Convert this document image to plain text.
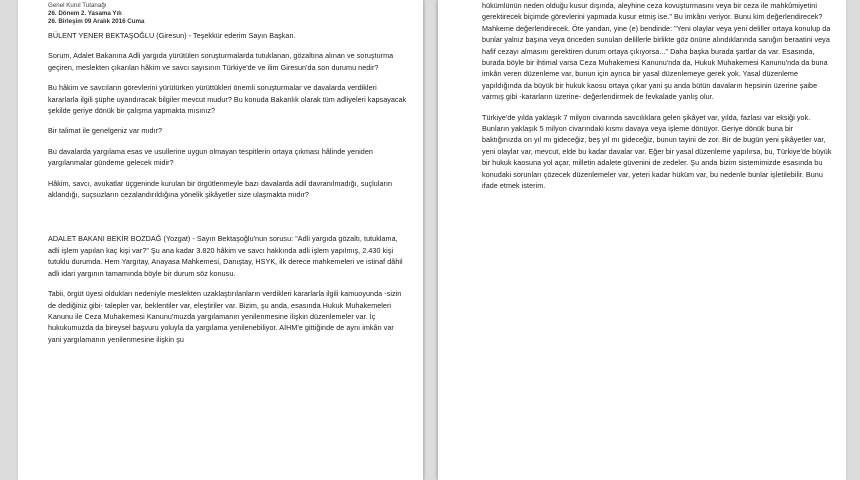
Genel Kurul Tutanağı
26. Dönem 2. Yasama Yılı
26. Birleşim 09 Aralık 2016 Cuma

BÜLENT YENER BEKTAŞOĞLU (Giresun) - Teşekkür ederim Sayın Başkan.

Sorum, Adalet Bakanına Adli yargıda yürütülen soruşturmalarda tutuklanan, gözaltına alınan ve soruşturma geçiren, meslekten çıkarılan hâkim ve savcı sayısının Türkiye'de ve ilim Giresun'da son durumu nedir?

Bu hâkim ve savcıların görevlerini yürütürken yürüttükleri önemli soruşturmalar ve davalarda verdikleri kararlarla ilgili şüphe uyandıracak bilgiler mevcut mudur? Bu konuda Bakanlık olarak tüm adliyeleri kapsayacak şekilde geriye dönük bir çalışma yapmakta mısınız?

Bir talimat ile genelgeniz var mıdır?

Bu davalarda yargılama esas ve usullerine uygun olmayan tespitlerin ortaya çıkması hâlinde yeniden yargılanmalar gündeme gelecek midir?

Hâkim, savcı, avukatlar üçgeninde kurulan bir örgütlenmeyle bazı davalarda adil davranılmadığı, suçluların aklandığı, suçsuzların cezalandırıldığına yönelik şikâyetler size ulaşmakta mıdır?

ADALET BAKANI BEKİR BOZDAĞ (Yozgat) - Sayın Bektaşoğlu'nun sorusu: "Adli yargıda gözaltı, tutuklama, adli işlem yapılan kaç kişi var?" Şu ana kadar 3.820 hâkim ve savcı hakkında adli işlem yapılmış, 2.430 kişi tutuklu durumda. Hem Yargıtay, Anayasa Mahkemesi, Danıştay, HSYK, ilk derece mahkemeleri ve istinaf dâhil adli idari yargının tamamında böyle bir durum söz konusu.

Tabii, örgüt üyesi oldukları nedeniyle meslekten uzaklaştırılanların verdikleri kararlarla ilgili kamuoyunda -sizin de dediğiniz gibi- talepler var, beklentiler var, eleştiriler var. Bizim, şu anda, esasında Hukuk Muhakemeleri Kanunu ile Ceza Muhakemesi Kanunu'muzda yargılamanın yenilenmesine ilişkin düzenlemeler var. İç hukukumuzda da bireysel başvuru yoluyla da yargılama yenilenebiliyor. AİHM'e gittiğinde de aynı imkân var yani yargılamanın yenilenmesine ilişkin şu

hükümlünün neden olduğu kusur dışında, aleyhine ceza kovuşturmasını veya bir ceza ile mahkûmiyetini gerektirecek biçimde görevlerini yapmada kusur etmiş ise." Bu imkânı veriyor. Bunu kim değerlendirecek? Mahkeme değerlendirecek. Öte yandan, yine (e) bendinde: "Yeni olaylar veya yeni deliller ortaya konulup da bunlar yalnız başına veya önceden sunulan delillerle birlikte göz önüne alındıklarında sanığın beraatini veya hafif cezayı almasını gerektiren durum ortaya çıkıyorsa..." Daha başka burada şartlar da var. Esasında, burada böyle bir ihtimal varsa Ceza Muhakemesi Kanunu'nda da, Hukuk Muhakemesi Kanunu'nda da buna imkân veren düzenleme var, bunun için ayrıca bir yasal düzenlemeye gerek yok. Yasal düzenleme yapıldığında da büyük bir hukuk kaosu ortaya çıkar yani şu anda bütün davaların hepsinin üzerine şaibe varmış gibi -kararların üzerine- değerlendirmek de fevkalade yanlış olur.

Türkiye'de yılda yaklaşık 7 milyon civarında savcılıklara gelen şikâyet var, yılda, fazlası var eksiği yok. Bunların yaklaşık 5 milyon civarındaki kısmı davaya veya işleme dönüyor. Geriye dönük buna bir baktığınızda on yıl mı gideceğiz, beş yıl mı gideceğiz, bunun tayini de zor. Bir de bugün yeni şikâyetler var, yeni olaylar var, mevcut, elde bu kadar davalar var. Eğer bir yasal düzenleme yapılırsa, bu, Türkiye'de büyük bir hukuk kaosuna yol açar, milletin adalete güvenini de zedeler. Şu anda bizim sistemimizde esasında bu konudaki sorunları çözecek düzenlemeler var, yeteri kadar hüküm var, bu nedenle bunlar işletilebilir. Bunu ifade etmek isterim.
